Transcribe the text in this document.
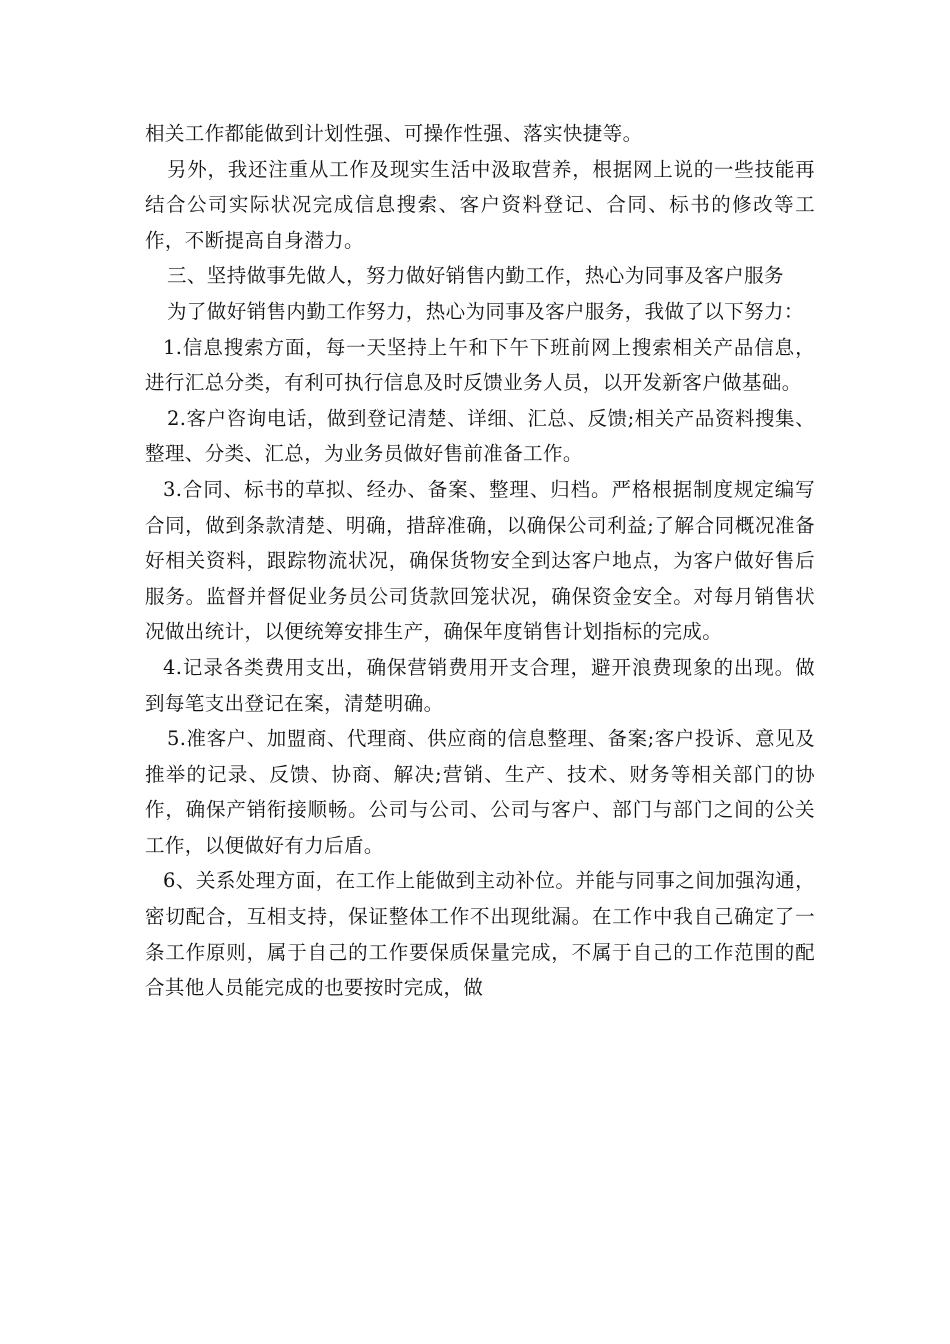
相关工作都能做到计划性强、可操作性强、落实快捷等。

另外，我还注重从工作及现实生活中汲取营养，根据网上说的一些技能再结合公司实际状况完成信息搜索、客户资料登记、合同、标书的修改等工作，不断提高自身潜力。

三、坚持做事先做人，努力做好销售内勤工作，热心为同事及客户服务

为了做好销售内勤工作努力，热心为同事及客户服务，我做了以下努力：

1.信息搜索方面，每一天坚持上午和下午下班前网上搜索相关产品信息，进行汇总分类，有利可执行信息及时反馈业务人员，以开发新客户做基础。

2.客户咨询电话，做到登记清楚、详细、汇总、反馈;相关产品资料搜集、整理、分类、汇总，为业务员做好售前准备工作。

3.合同、标书的草拟、经办、备案、整理、归档。严格根据制度规定编写合同，做到条款清楚、明确，措辞准确，以确保公司利益;了解合同概况准备好相关资料，跟踪物流状况，确保货物安全到达客户地点，为客户做好售后服务。监督并督促业务员公司货款回笼状况，确保资金安全。对每月销售状况做出统计，以便统筹安排生产，确保年度销售计划指标的完成。

4.记录各类费用支出，确保营销费用开支合理，避开浪费现象的出现。做到每笔支出登记在案，清楚明确。

5.准客户、加盟商、代理商、供应商的信息整理、备案;客户投诉、意见及推举的记录、反馈、协商、解决;营销、生产、技术、财务等相关部门的协作，确保产销衔接顺畅。公司与公司、公司与客户、部门与部门之间的公关工作，以便做好有力后盾。

6、关系处理方面，在工作上能做到主动补位。并能与同事之间加强沟通，密切配合，互相支持，保证整体工作不出现纰漏。在工作中我自己确定了一条工作原则，属于自己的工作要保质保量完成，不属于自己的工作范围的配合其他人员能完成的也要按时完成，做
